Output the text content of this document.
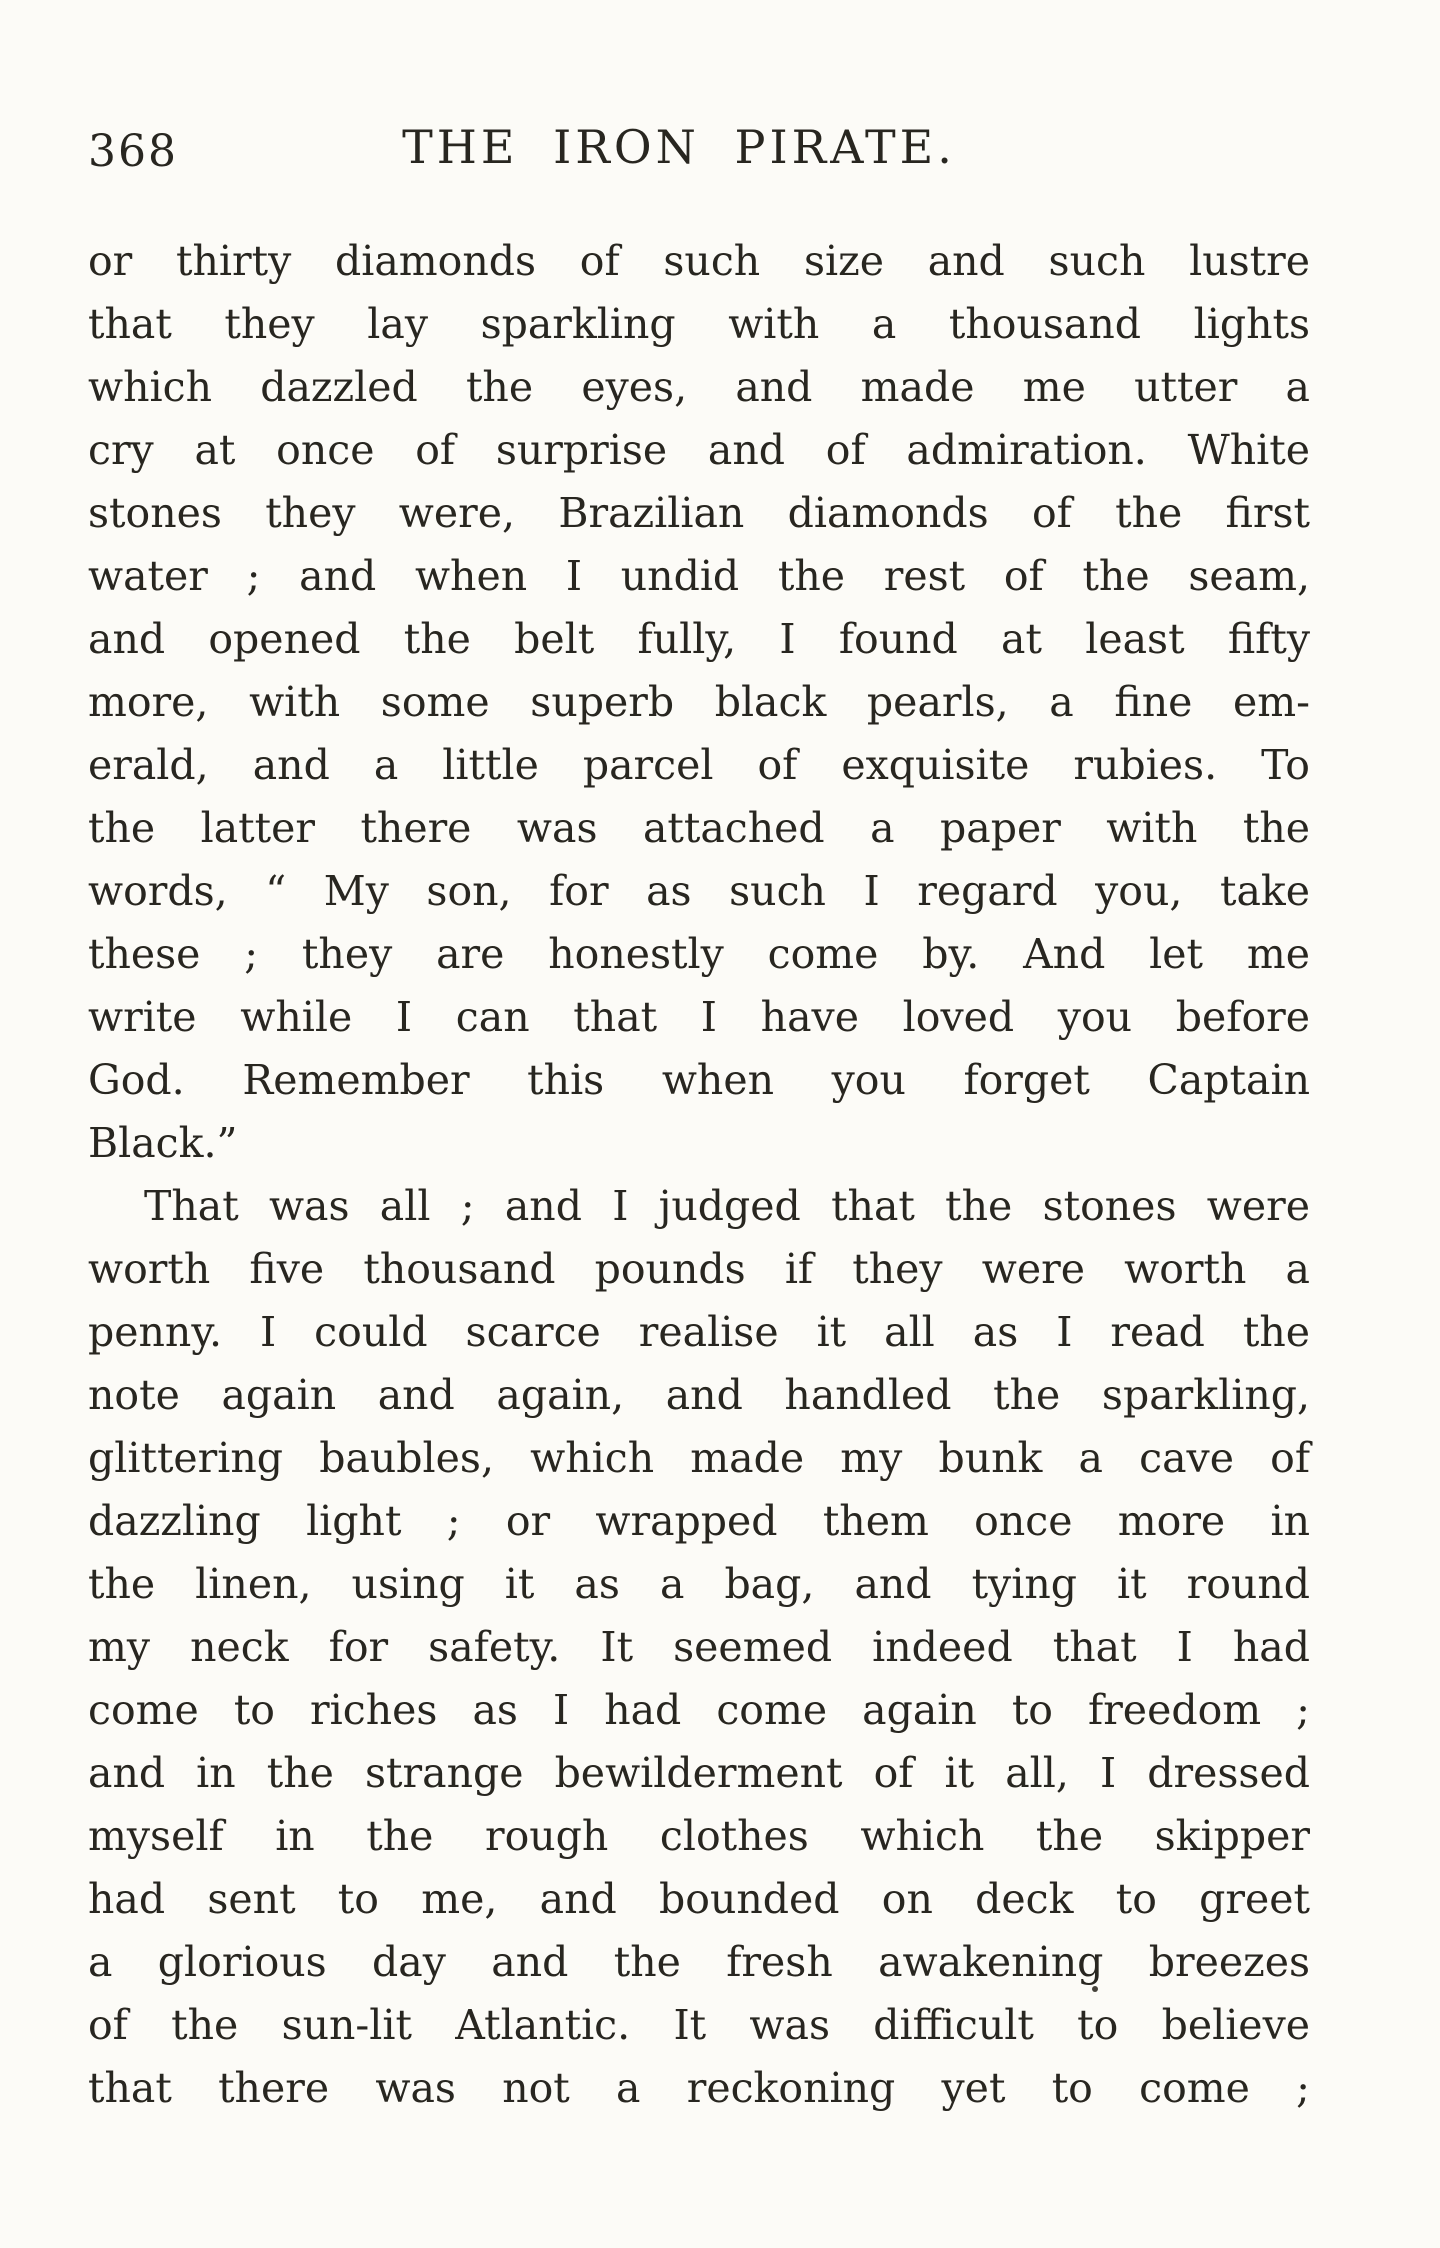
368	THE IRON PIRATE.
or thirty diamonds of such size and such lustre
that they lay sparkling with a thousand lights
which dazzled the eyes, and made me utter a
cry at once of surprise and of admiration. White
stones they were, Brazilian diamonds of the first
water ; and when I undid the rest of the seam,
and opened the belt fully, I found at least fifty
more, with some superb black pearls, a fine em-
erald, and a little parcel of exquisite rubies. To
the latter there was attached a paper with the
words, “ My son, for as such I regard you, take
these ; they are honestly come by. And let me
write while I can that I have loved you before
God. Remember this when you forget Captain
Black.”
That was all ; and I judged that the stones were
worth five thousand pounds if they were worth a
penny. I could scarce realise it all as I read the
note again and again, and handled the sparkling,
glittering baubles, which made my bunk a cave of
dazzling light ; or wrapped them once more in
the linen, using it as a bag, and tying it round
my neck for safety. It seemed indeed that I had
come to riches as I had come again to freedom ;
and in the strange bewilderment of it all, I dressed
myself in the rough clothes which the skipper
had sent to me, and bounded on deck to greet
a glorious day and the fresh awakening breezes
of the sun-lit Atlantic. It was difficult to believe
that there was not a reckoning yet to come ;
